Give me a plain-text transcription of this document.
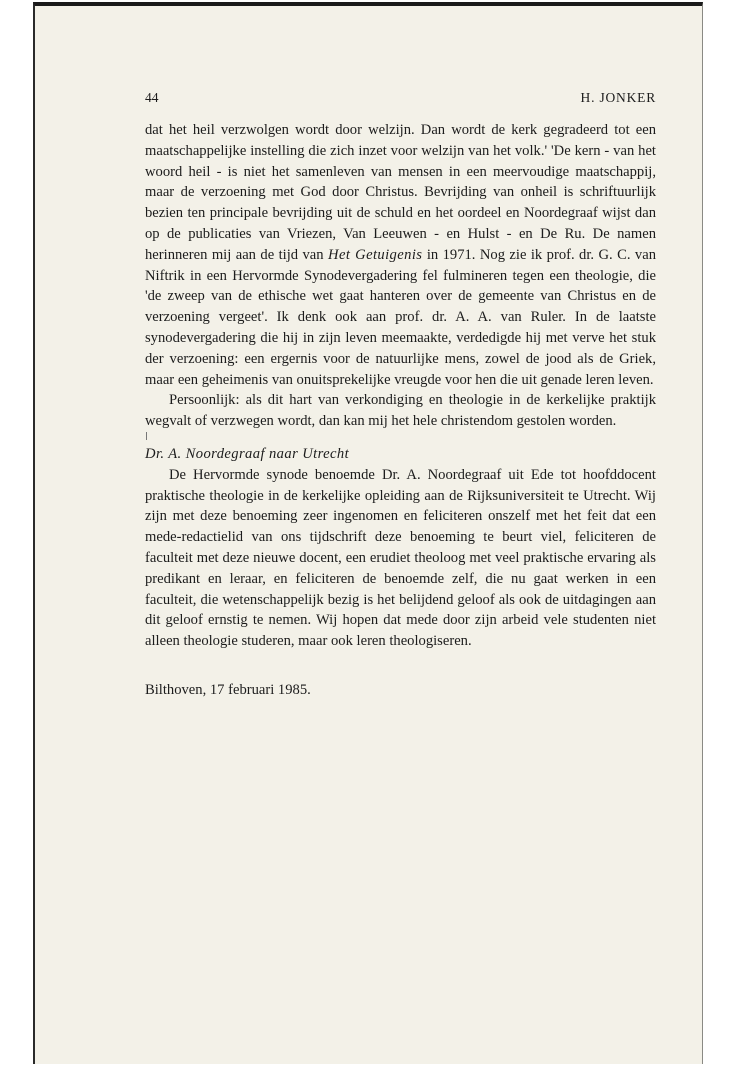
44	H. JONKER

dat het heil verzwolgen wordt door welzijn. Dan wordt de kerk gegradeerd tot een maatschappelijke instelling die zich inzet voor welzijn van het volk.' 'De kern - van het woord heil - is niet het samenleven van mensen in een meervoudige maatschappij, maar de verzoening met God door Christus. Bevrijding van onheil is schriftuurlijk bezien ten principale bevrijding uit de schuld en het oordeel en Noordegraaf wijst dan op de publicaties van Vriezen, Van Leeuwen - en Hulst - en De Ru. De namen herinneren mij aan de tijd van Het Getuigenis in 1971. Nog zie ik prof. dr. G. C. van Niftrik in een Hervormde Synodevergadering fel fulmineren tegen een theologie, die 'de zweep van de ethische wet gaat hanteren over de gemeente van Christus en de verzoening vergeet'. Ik denk ook aan prof. dr. A. A. van Ruler. In de laatste synodevergadering die hij in zijn leven meemaakte, verdedigde hij met verve het stuk der verzoening: een ergernis voor de natuurlijke mens, zowel de jood als de Griek, maar een geheimenis van onuitsprekelijke vreugde voor hen die uit genade leren leven.

Persoonlijk: als dit hart van verkondiging en theologie in de kerkelijke praktijk wegvalt of verzwegen wordt, dan kan mij het hele christendom gestolen worden.

Dr. A. Noordegraaf naar Utrecht

De Hervormde synode benoemde Dr. A. Noordegraaf uit Ede tot hoofddocent praktische theologie in de kerkelijke opleiding aan de Rijksuniversiteit te Utrecht. Wij zijn met deze benoeming zeer ingenomen en feliciteren onszelf met het feit dat een mede-redactielid van ons tijdschrift deze benoeming te beurt viel, feliciteren de faculteit met deze nieuwe docent, een erudiet theoloog met veel praktische ervaring als predikant en leraar, en feliciteren de benoemde zelf, die nu gaat werken in een faculteit, die wetenschappelijk bezig is het belijdend geloof als ook de uitdagingen aan dit geloof ernstig te nemen. Wij hopen dat mede door zijn arbeid vele studenten niet alleen theologie studeren, maar ook leren theologiseren.

Bilthoven, 17 februari 1985.
